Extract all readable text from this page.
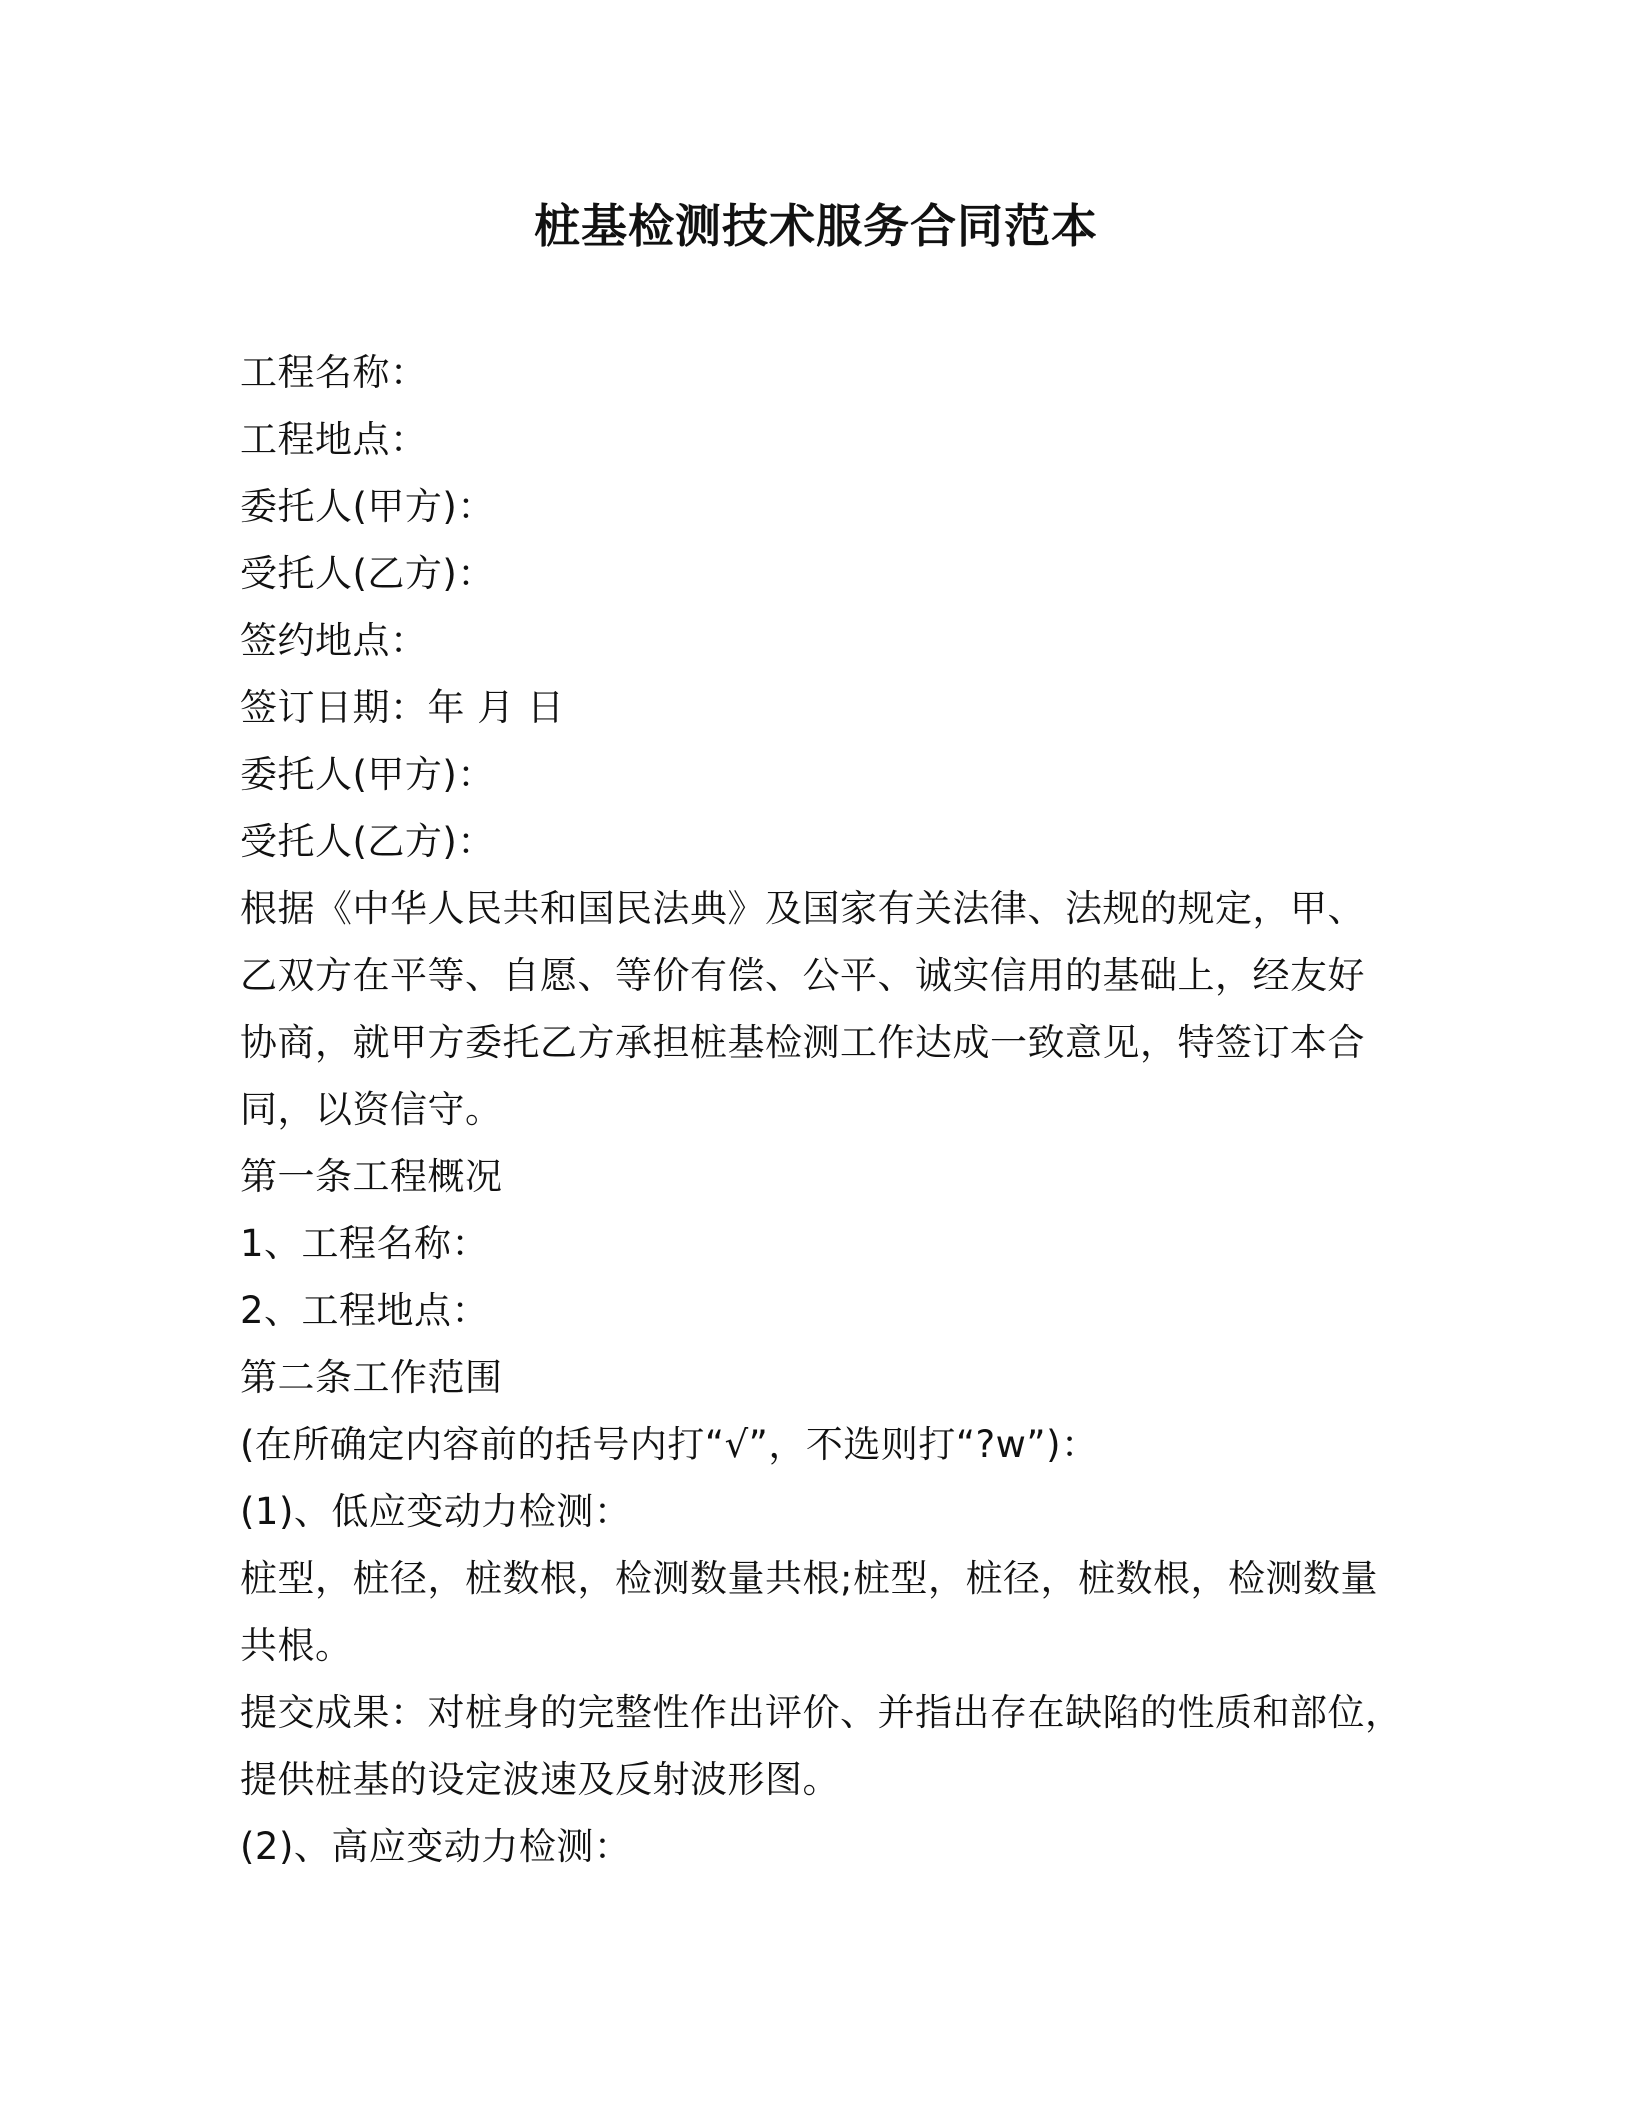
桩基检测技术服务合同范本
工程名称：
工程地点：
委托人(甲方)：
受托人(乙方)：
签约地点：
签订日期：年 月 日
委托人(甲方)：
受托人(乙方)：
根据《中华人民共和国民法典》及国家有关法律、法规的规定，甲、
乙双方在平等、自愿、等价有偿、公平、诚实信用的基础上，经友好
协商，就甲方委托乙方承担桩基检测工作达成一致意见，特签订本合
同，以资信守。
第一条工程概况
1、工程名称：
2、工程地点：
第二条工作范围
(在所确定内容前的括号内打“√”，不选则打“?w”)：
(1)、低应变动力检测：
桩型，桩径，桩数根，检测数量共根;桩型，桩径，桩数根，检测数量
共根。
提交成果：对桩身的完整性作出评价、并指出存在缺陷的性质和部位，
提供桩基的设定波速及反射波形图。
(2)、高应变动力检测：
